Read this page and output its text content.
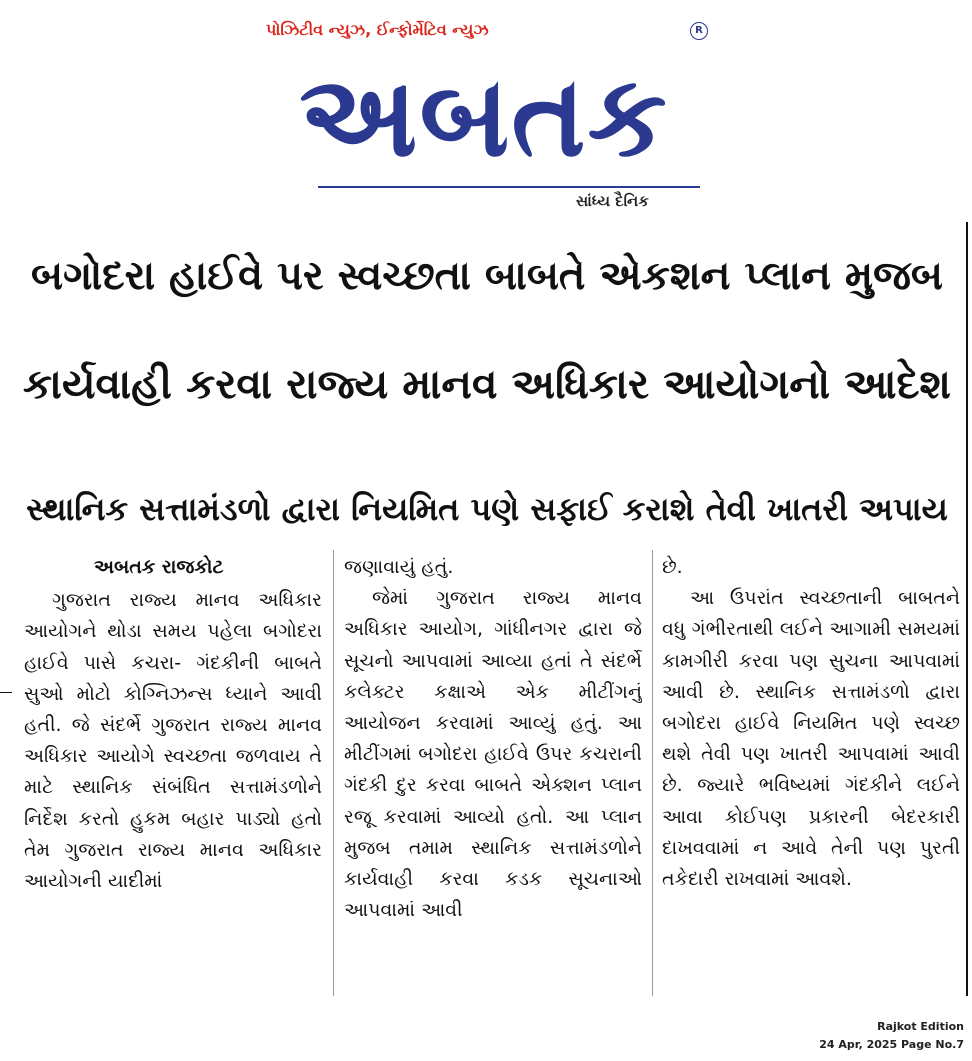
પોઝિટીવ ન્યુઝ, ઈન્ફોર્મેટિવ ન્યુઝ	R
અબતક
સાંધ્ય દૈનિક
બગોદરા હાઈવે પર સ્વચ્છતા બાબતે એકશન પ્લાન મુજબ
કાર્યવાહી કરવા રાજ્ય માનવ અધિકાર આયોગનો આદેશ
સ્થાનિક સત્તામંડળો દ્વારા નિયમિત પણે સફાઈ કરાશે તેવી ખાતરી અપાય
અબતક રાજકોટ

ગુજરાત રાજ્ય માનવ અધિકાર આયોગને થોડા સમય પહેલા બગોદરા હાઈવે પાસે કચરા- ગંદકીની બાબતે સુઓ મોટો કોગ્નિઝન્સ ધ્યાને આવી હતી. જે સંદર્ભે ગુજરાત રાજ્ય માનવ અધિકાર આયોગે સ્વચ્છતા જળવાય તે માટે સ્થાનિક સંબંધિત સત્તામંડળોને નિર્દેશ કરતો હુકમ બહાર પાડ્યો હતો તેમ ગુજરાત રાજ્ય માનવ અધિકાર આયોગની યાદીમાં

જણાવાયું હતું.

જેમાં ગુજરાત રાજ્ય માનવ અધિકાર આયોગ, ગાંધીનગર દ્વારા જે સૂચનો આપવામાં આવ્યા હતાં તે સંદર્ભે કલેક્ટર કક્ષાએ એક મીટીંગનું આયોજન કરવામાં આવ્યું હતું. આ મીટીંગમાં બગોદરા હાઈવે ઉપર કચરાની ગંદકી દુર કરવા બાબતે એક્શન પ્લાન રજૂ કરવામાં આવ્યો હતો. આ પ્લાન મુજબ તમામ સ્થાનિક સત્તામંડળોને કાર્યવાહી કરવા કડક સૂચનાઓ આપવામાં આવી

છે.

આ ઉપરાંત સ્વચ્છતાની બાબતને વધુ ગંભીરતાથી લઈને આગામી સમયમાં કામગીરી કરવા પણ સુચના આપવામાં આવી છે. સ્થાનિક સત્તામંડળો દ્વારા બગોદરા હાઈવે નિયમિત પણે સ્વચ્છ થશે તેવી પણ ખાતરી આપવામાં આવી છે. જ્યારે ભવિષ્યમાં ગંદકીને લઈને આવા કોઈપણ પ્રકારની બેદરકારી દાખવવામાં ન આવે તેની પણ પુરતી તકેદારી રાખવામાં આવશે.

Rajkot Edition
24 Apr, 2025 Page No.7
